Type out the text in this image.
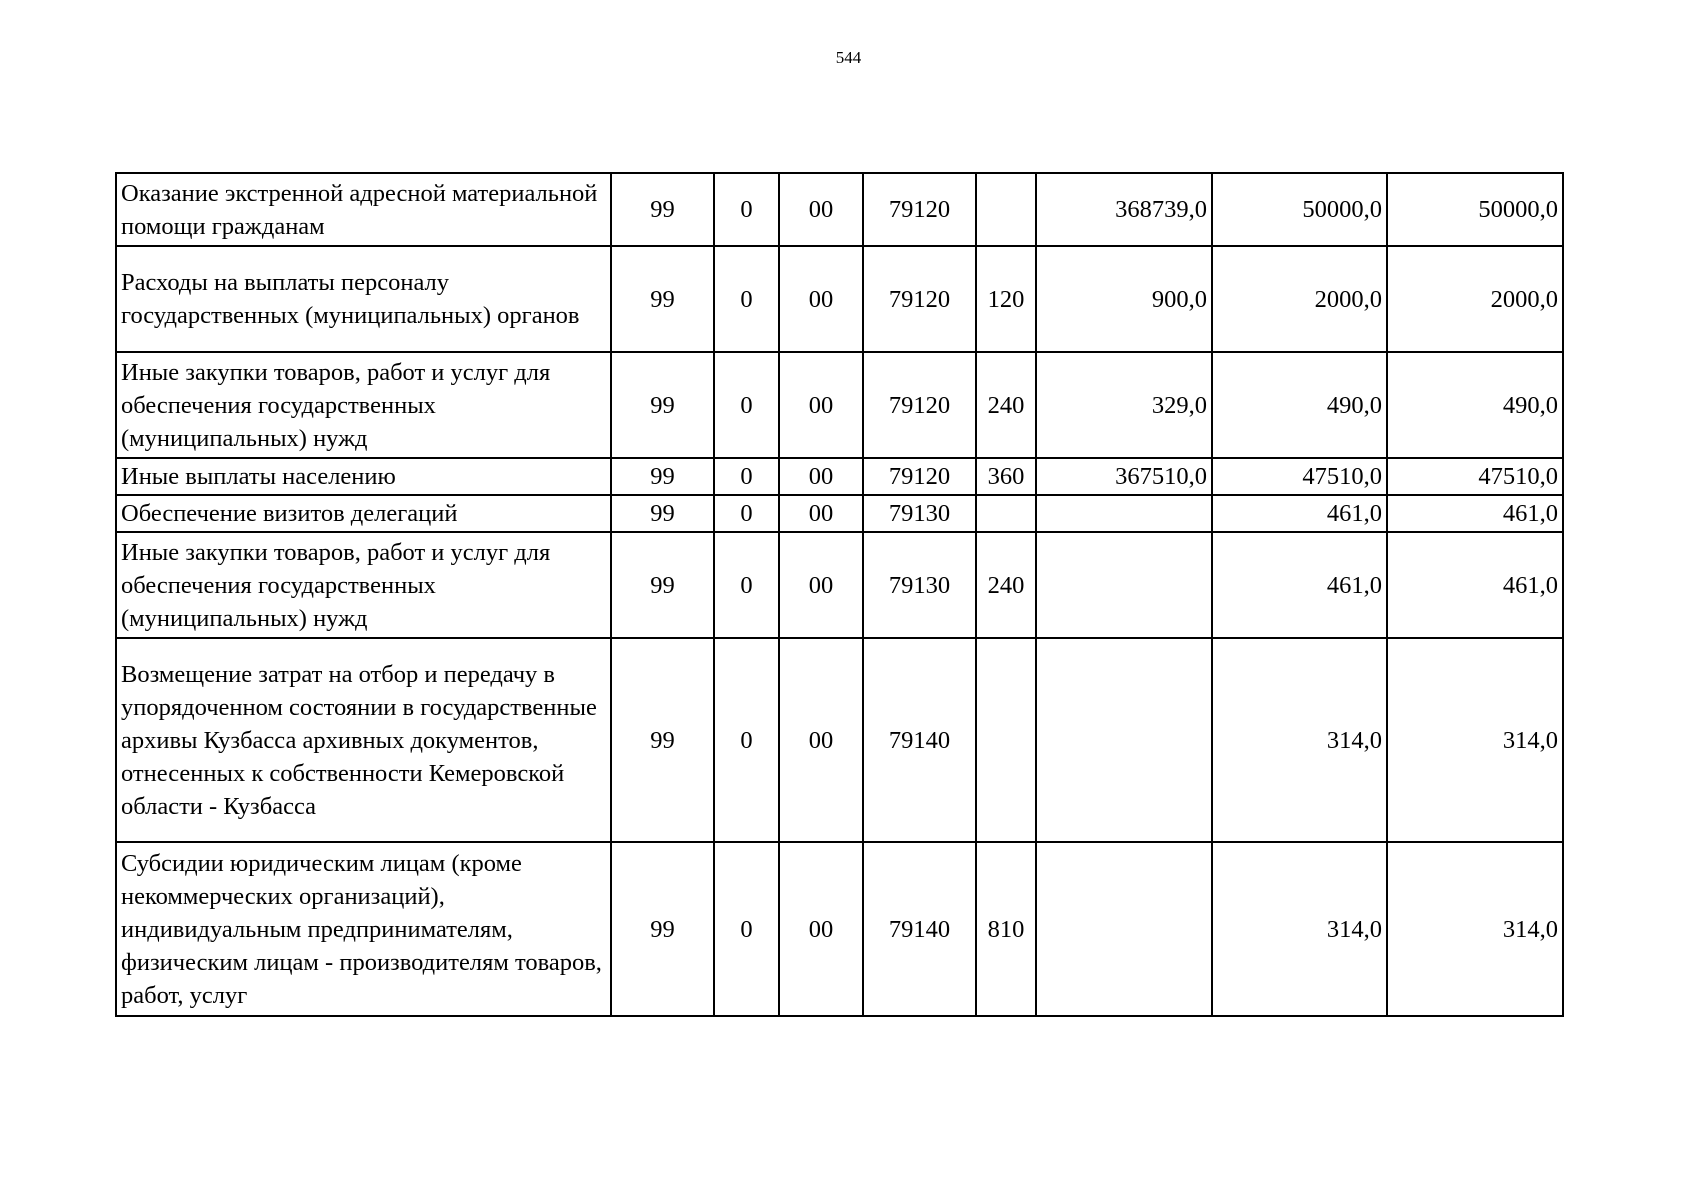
544
Оказание экстренной адресной материальной помощи гражданам	99	0	00	79120		368739,0	50000,0	50000,0
Расходы на выплаты персоналу государственных (муниципальных) органов	99	0	00	79120	120	900,0	2000,0	2000,0
Иные закупки товаров, работ и услуг для обеспечения государственных (муниципальных) нужд	99	0	00	79120	240	329,0	490,0	490,0
Иные выплаты населению	99	0	00	79120	360	367510,0	47510,0	47510,0
Обеспечение визитов делегаций	99	0	00	79130			461,0	461,0
Иные закупки товаров, работ и услуг для обеспечения государственных (муниципальных) нужд	99	0	00	79130	240		461,0	461,0
Возмещение затрат на отбор и передачу в упорядоченном состоянии в государственные архивы Кузбасса архивных документов, отнесенных к собственности Кемеровской области - Кузбасса	99	0	00	79140			314,0	314,0
Субсидии юридическим лицам (кроме некоммерческих организаций), индивидуальным предпринимателям, физическим лицам - производителям товаров, работ, услуг	99	0	00	79140	810		314,0	314,0
